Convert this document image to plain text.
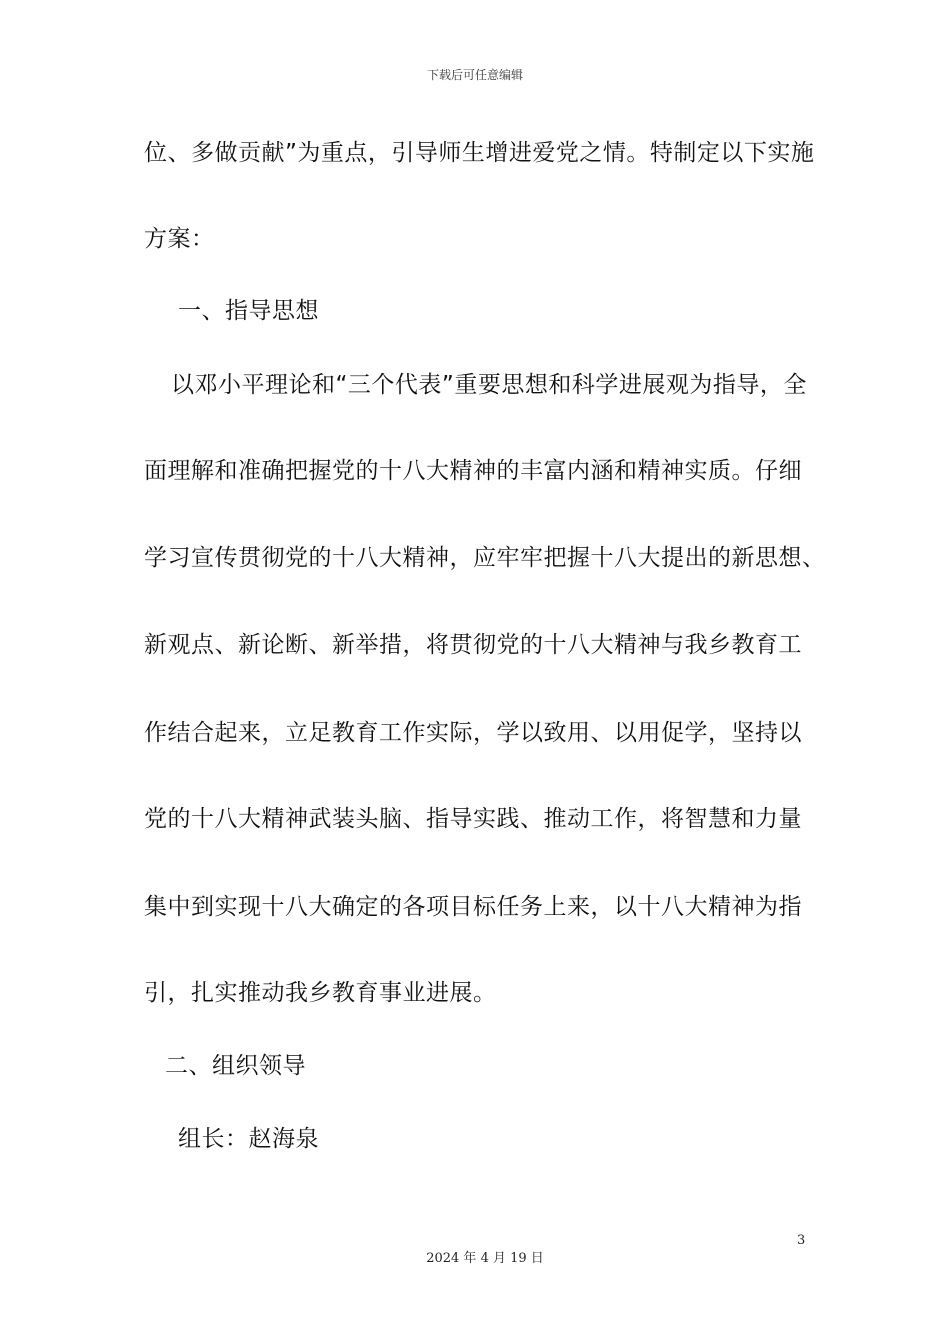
下载后可任意编辑
位、多做贡献”为重点，引导师生增进爱党之情。特制定以下实施
方案：
一、指导思想
以邓小平理论和“三个代表”重要思想和科学进展观为指导，全
面理解和准确把握党的十八大精神的丰富内涵和精神实质。仔细
学习宣传贯彻党的十八大精神，应牢牢把握十八大提出的新思想、
新观点、新论断、新举措，将贯彻党的十八大精神与我乡教育工
作结合起来，立足教育工作实际，学以致用、以用促学，坚持以
党的十八大精神武装头脑、指导实践、推动工作，将智慧和力量
集中到实现十八大确定的各项目标任务上来，以十八大精神为指
引，扎实推动我乡教育事业进展。
二、组织领导
组长：赵海泉
3
2024 年 4 月 19 日
